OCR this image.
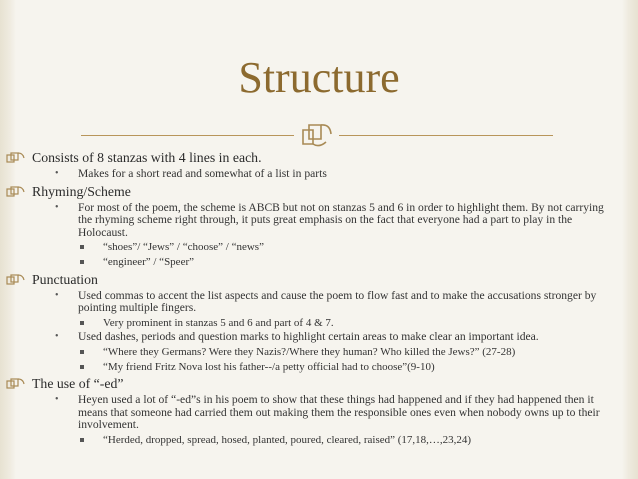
Structure
Consists of 8 stanzas with 4 lines in each.
• Makes for a short read and somewhat of a list in parts
Rhyming/Scheme
• For most of the poem, the scheme is ABCB but not on stanzas 5 and 6 in order to highlight them. By not carrying the rhyming scheme right through, it puts great emphasis on the fact that everyone had a part to play in the Holocaust.
“shoes”/ “Jews” / “choose” / “news”
“engineer” / “Speer”
Punctuation
• Used commas to accent the list aspects and cause the poem to flow fast and to make the accusations stronger by pointing multiple fingers.
Very prominent in stanzas 5 and 6 and part of 4 & 7.
• Used dashes, periods and question marks to highlight certain areas to make clear an important idea.
“Where they Germans? Were they Nazis?/Where they human? Who killed the Jews?” (27-28)
“My friend Fritz Nova lost his father--/a petty official had to choose”(9-10)
The use of “-ed”
• Heyen used a lot of “-ed”s in his poem to show that these things had happened and if they had happened then it means that someone had carried them out making them the responsible ones even when nobody owns up to their involvement.
“Herded, dropped, spread, hosed, planted, poured, cleared, raised” (17,18,…,23,24)
